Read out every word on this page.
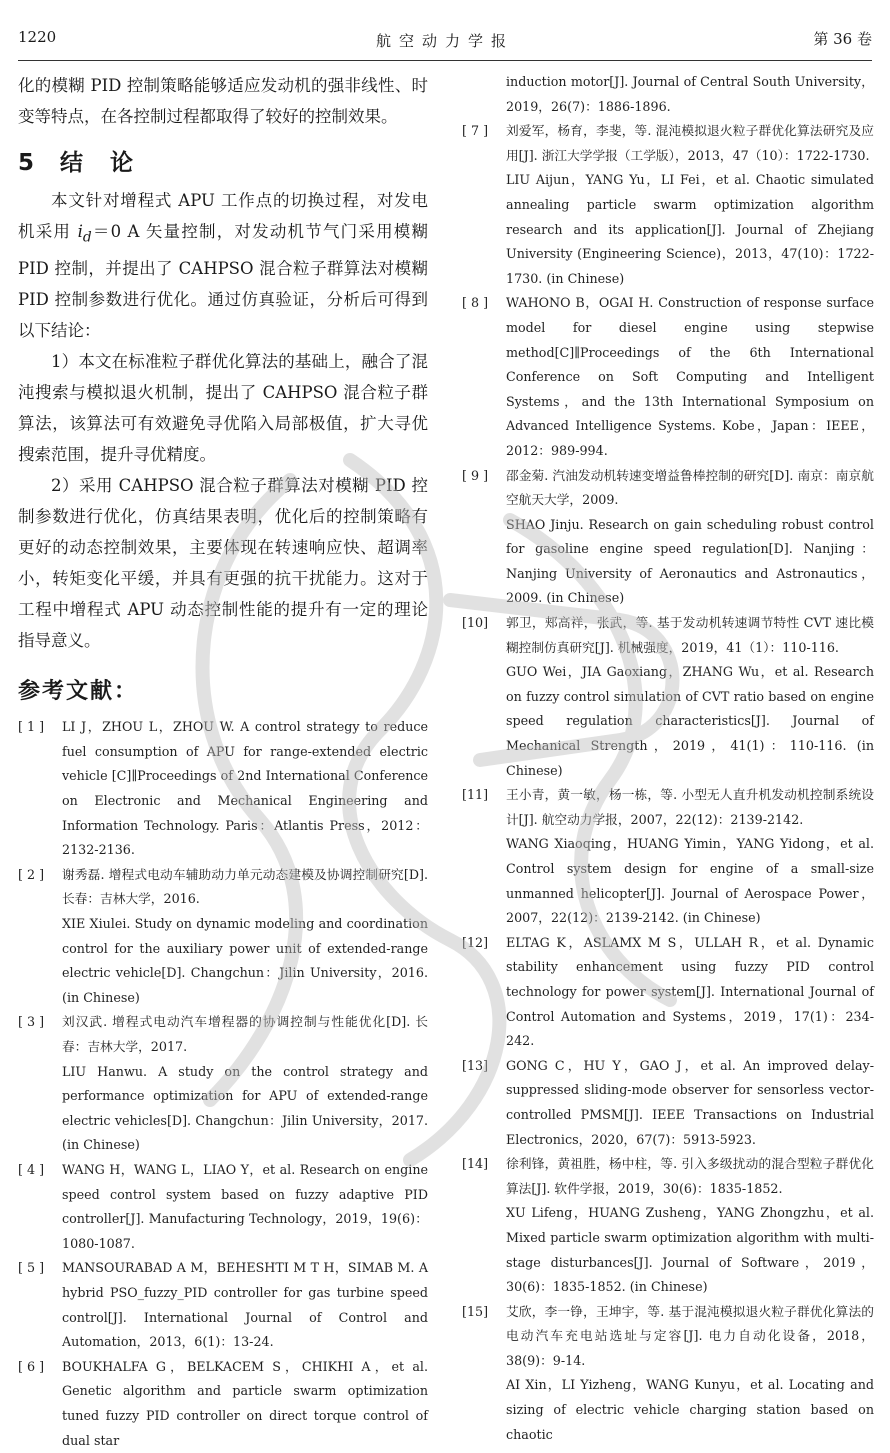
1220	航空动力学报	第 36 卷

化的模糊 PID 控制策略能够适应发动机的强非线性、时变等特点，在各控制过程都取得了较好的控制效果。

5 结　论

本文针对增程式 APU 工作点的切换过程，对发电机采用 $i_d=0$ A 矢量控制，对发动机节气门采用模糊 PID 控制，并提出了 CAHPSO 混合粒子群算法对模糊 PID 控制参数进行优化。通过仿真验证，分析后可得到以下结论：

1）本文在标准粒子群优化算法的基础上，融合了混沌搜索与模拟退火机制，提出了 CAHPSO 混合粒子群算法，该算法可有效避免寻优陷入局部极值，扩大寻优搜索范围，提升寻优精度。

2）采用 CAHPSO 混合粒子群算法对模糊 PID 控制参数进行优化，仿真结果表明，优化后的控制策略有更好的动态控制效果，主要体现在转速响应快、超调率小，转矩变化平缓，并具有更强的抗干扰能力。这对于工程中增程式 APU 动态控制性能的提升有一定的理论指导意义。

参考文献：
[ 1 ]	LI J，ZHOU L，ZHOU W. A control strategy to reduce fuel consumption of APU for range-extended electric vehicle [C]∥Proceedings of 2nd International Conference on Electronic and Mechanical Engineering and Information Technology. Paris：Atlantis Press，2012：2132-2136.

[ 2 ]	谢秀磊. 增程式电动车辅助动力单元动态建模及协调控制研究[D]. 长春：吉林大学，2016.

XIE Xiulei. Study on dynamic modeling and coordination control for the auxiliary power unit of extended-range electric vehicle[D]. Changchun：Jilin University，2016. (in Chinese)

[ 3 ]	刘汉武. 增程式电动汽车增程器的协调控制与性能优化[D]. 长春：吉林大学，2017.

LIU Hanwu. A study on the control strategy and performance optimization for APU of extended-range electric vehicles[D]. Changchun：Jilin University，2017. (in Chinese)

[ 4 ]	WANG H，WANG L，LIAO Y，et al. Research on engine speed control system based on fuzzy adaptive PID controller[J]. Manufacturing Technology，2019，19(6)：1080-1087.

[ 5 ]	MANSOURABAD A M，BEHESHTI M T H，SIMAB M. A hybrid PSO_fuzzy_PID controller for gas turbine speed control[J]. International Journal of Control and Automation，2013，6(1)：13-24.

[ 6 ]	BOUKHALFA G，BELKACEM S，CHIKHI A，et al. Genetic algorithm and particle swarm optimization tuned fuzzy PID controller on direct torque control of dual star

induction motor[J]. Journal of Central South University，2019，26(7)：1886-1896.

[ 7 ]	刘爱军，杨育，李斐，等. 混沌模拟退火粒子群优化算法研究及应用[J]. 浙江大学学报（工学版），2013，47（10）：1722-1730.

LIU Aijun，YANG Yu，LI Fei，et al. Chaotic simulated annealing particle swarm optimization algorithm research and its application[J]. Journal of Zhejiang University (Engineering Science)，2013，47(10)：1722-1730. (in Chinese)

[ 8 ]	WAHONO B，OGAI H. Construction of response surface model for diesel engine using stepwise method[C]∥Proceedings of the 6th International Conference on Soft Computing and Intelligent Systems，and the 13th International Symposium on Advanced Intelligence Systems. Kobe，Japan：IEEE，2012：989-994.

[ 9 ]	邵金菊. 汽油发动机转速变增益鲁棒控制的研究[D]. 南京：南京航空航天大学，2009.

SHAO Jinju. Research on gain scheduling robust control for gasoline engine speed regulation[D]. Nanjing：Nanjing University of Aeronautics and Astronautics，2009. (in Chinese)

[10]	郭卫，郏高祥，张武，等. 基于发动机转速调节特性 CVT 速比模糊控制仿真研究[J]. 机械强度，2019，41（1）：110-116.

GUO Wei，JIA Gaoxiang，ZHANG Wu，et al. Research on fuzzy control simulation of CVT ratio based on engine speed regulation characteristics[J]. Journal of Mechanical Strength，2019，41(1)：110-116. (in Chinese)

[11]	王小青，黄一敏，杨一栋，等. 小型无人直升机发动机控制系统设计[J]. 航空动力学报，2007，22(12)：2139-2142.

WANG Xiaoqing，HUANG Yimin，YANG Yidong，et al. Control system design for engine of a small-size unmanned helicopter[J]. Journal of Aerospace Power，2007，22(12)：2139-2142. (in Chinese)

[12]	ELTAG K，ASLAMX M S，ULLAH R，et al. Dynamic stability enhancement using fuzzy PID control technology for power system[J]. International Journal of Control Automation and Systems，2019，17(1)：234-242.

[13]	GONG C，HU Y，GAO J，et al. An improved delay-suppressed sliding-mode observer for sensorless vector-controlled PMSM[J]. IEEE Transactions on Industrial Electronics，2020，67(7)：5913-5923.

[14]	徐利锋，黄祖胜，杨中柱，等. 引入多级扰动的混合型粒子群优化算法[J]. 软件学报，2019，30(6)：1835-1852.

XU Lifeng，HUANG Zusheng，YANG Zhongzhu，et al. Mixed particle swarm optimization algorithm with multi-stage disturbances[J]. Journal of Software，2019，30(6)：1835-1852. (in Chinese)

[15]	艾欣，李一铮，王坤宇，等. 基于混沌模拟退火粒子群优化算法的电动汽车充电站选址与定容[J]. 电力自动化设备，2018，38(9)：9-14.

AI Xin，LI Yizheng，WANG Kunyu，et al. Locating and sizing of electric vehicle charging station based on chaotic
